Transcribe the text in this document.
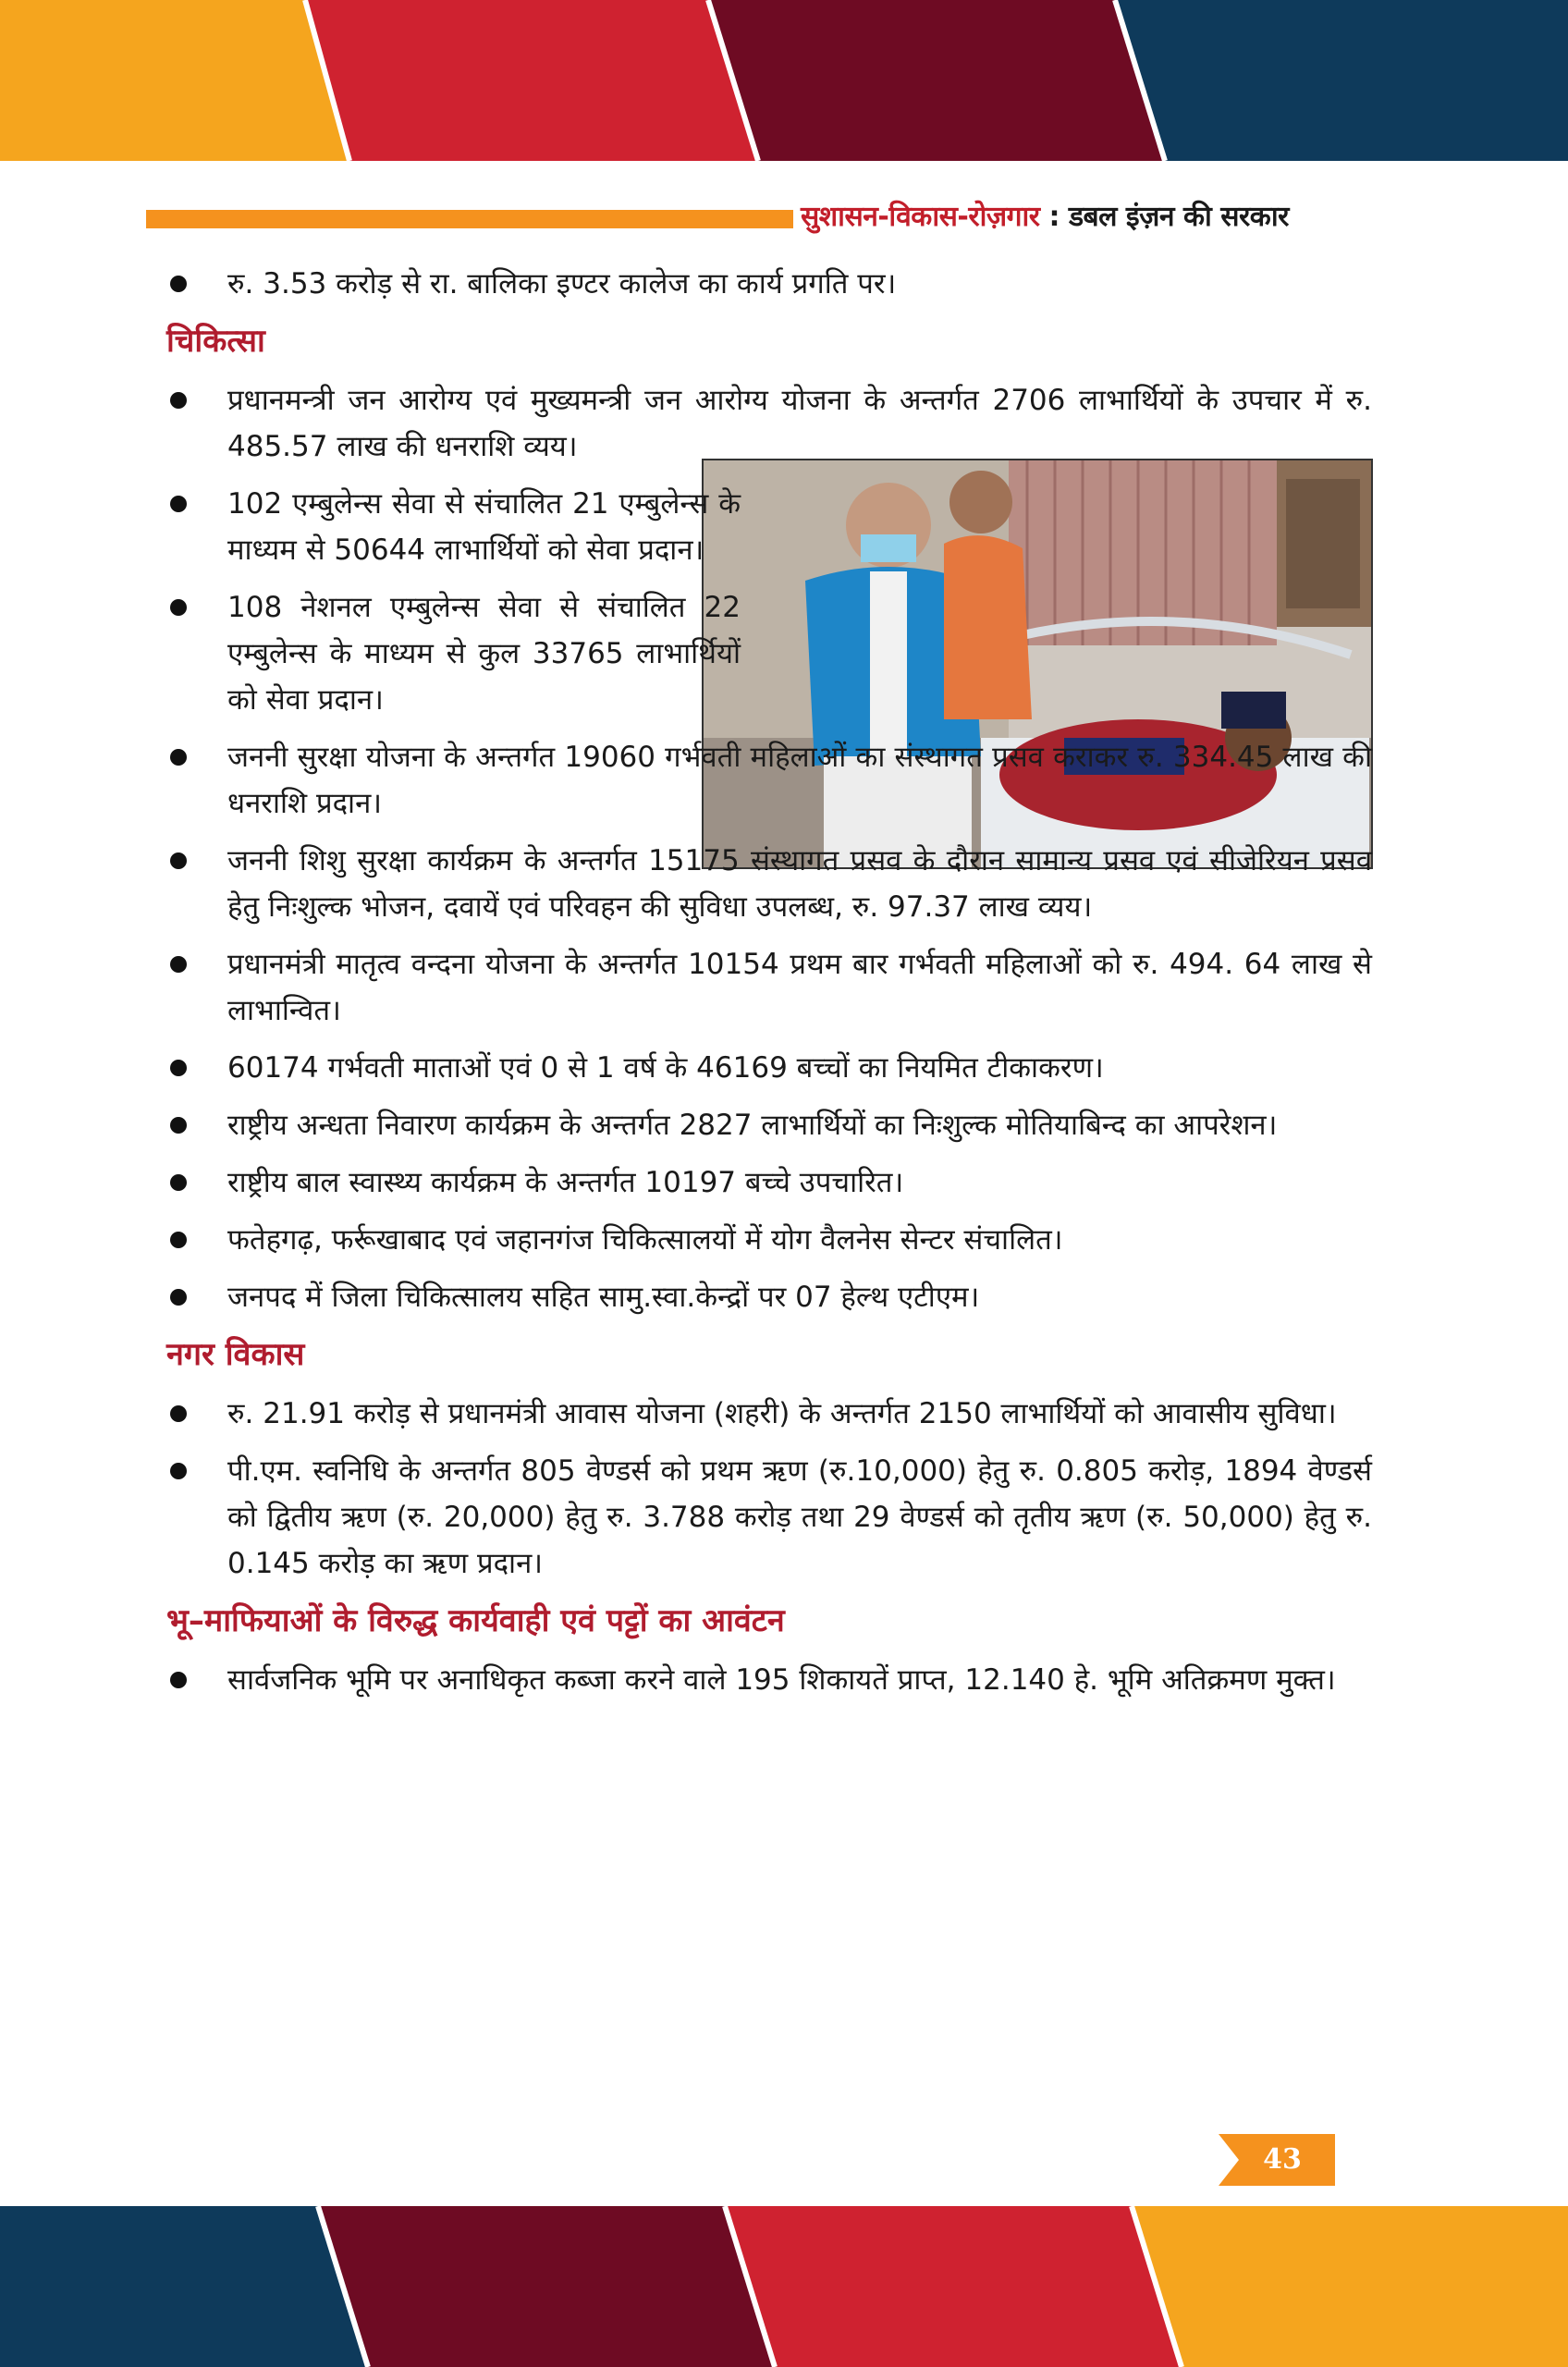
सुशासन-विकास-रोज़गार : डबल इंज़न की सरकार
रु. 3.53 करोड़ से रा. बालिका इण्टर कालेज का कार्य प्रगति पर।
चिकित्सा
प्रधानमन्त्री जन आरोग्य एवं मुख्यमन्त्री जन आरोग्य योजना के अन्तर्गत 2706 लाभार्थियों के उपचार में रु. 485.57 लाख की धनराशि व्यय।
102 एम्बुलेन्स सेवा से संचालित 21 एम्बुलेन्स के माध्यम से 50644 लाभार्थियों को सेवा प्रदान।
108 नेशनल एम्बुलेन्स सेवा से संचालित 22 एम्बुलेन्स के माध्यम से कुल 33765 लाभार्थियों को सेवा प्रदान।
जननी सुरक्षा योजना के अन्तर्गत 19060 गर्भवती महिलाओं का संस्थागत प्रसव कराकर रु. 334.45 लाख की धनराशि प्रदान।
जननी शिशु सुरक्षा कार्यक्रम के अन्तर्गत 15175 संस्थागत प्रसव के दौरान सामान्य प्रसव एवं सीजेरियन प्रसव हेतु निःशुल्क भोजन, दवायें एवं परिवहन की सुविधा उपलब्ध, रु. 97.37 लाख व्यय।
प्रधानमंत्री मातृत्व वन्दना योजना के अन्तर्गत 10154 प्रथम बार गर्भवती महिलाओं को रु. 494. 64 लाख से लाभान्वित।
60174 गर्भवती माताओं एवं 0 से 1 वर्ष के 46169 बच्चों का नियमित टीकाकरण।
राष्ट्रीय अन्धता निवारण कार्यक्रम के अन्तर्गत 2827 लाभार्थियों का निःशुल्क मोतियाबिन्द का आपरेशन।
राष्ट्रीय बाल स्वास्थ्य कार्यक्रम के अन्तर्गत 10197 बच्चे उपचारित।
फतेहगढ़, फर्रूखाबाद एवं जहानगंज चिकित्सालयों में योग वैलनेस सेन्टर संचालित।
जनपद में जिला चिकित्सालय सहित सामु.स्वा.केन्द्रों पर 07 हेल्थ एटीएम।
नगर विकास
रु. 21.91 करोड़ से प्रधानमंत्री आवास योजना (शहरी) के अन्तर्गत 2150 लाभार्थियों को आवासीय सुविधा।
पी.एम. स्वनिधि के अन्तर्गत 805 वेण्डर्स को प्रथम ऋण (रु.10,000) हेतु रु. 0.805 करोड़, 1894 वेण्डर्स को द्वितीय ऋण (रु. 20,000) हेतु रु. 3.788 करोड़ तथा 29 वेण्डर्स को तृतीय ऋण (रु. 50,000) हेतु रु. 0.145 करोड़ का ऋण प्रदान।
भू–माफियाओं के विरुद्ध कार्यवाही एवं पट्टों का आवंटन
सार्वजनिक भूमि पर अनाधिकृत कब्जा करने वाले 195 शिकायतें प्राप्त, 12.140 हे. भूमि अतिक्रमण मुक्त।
43
